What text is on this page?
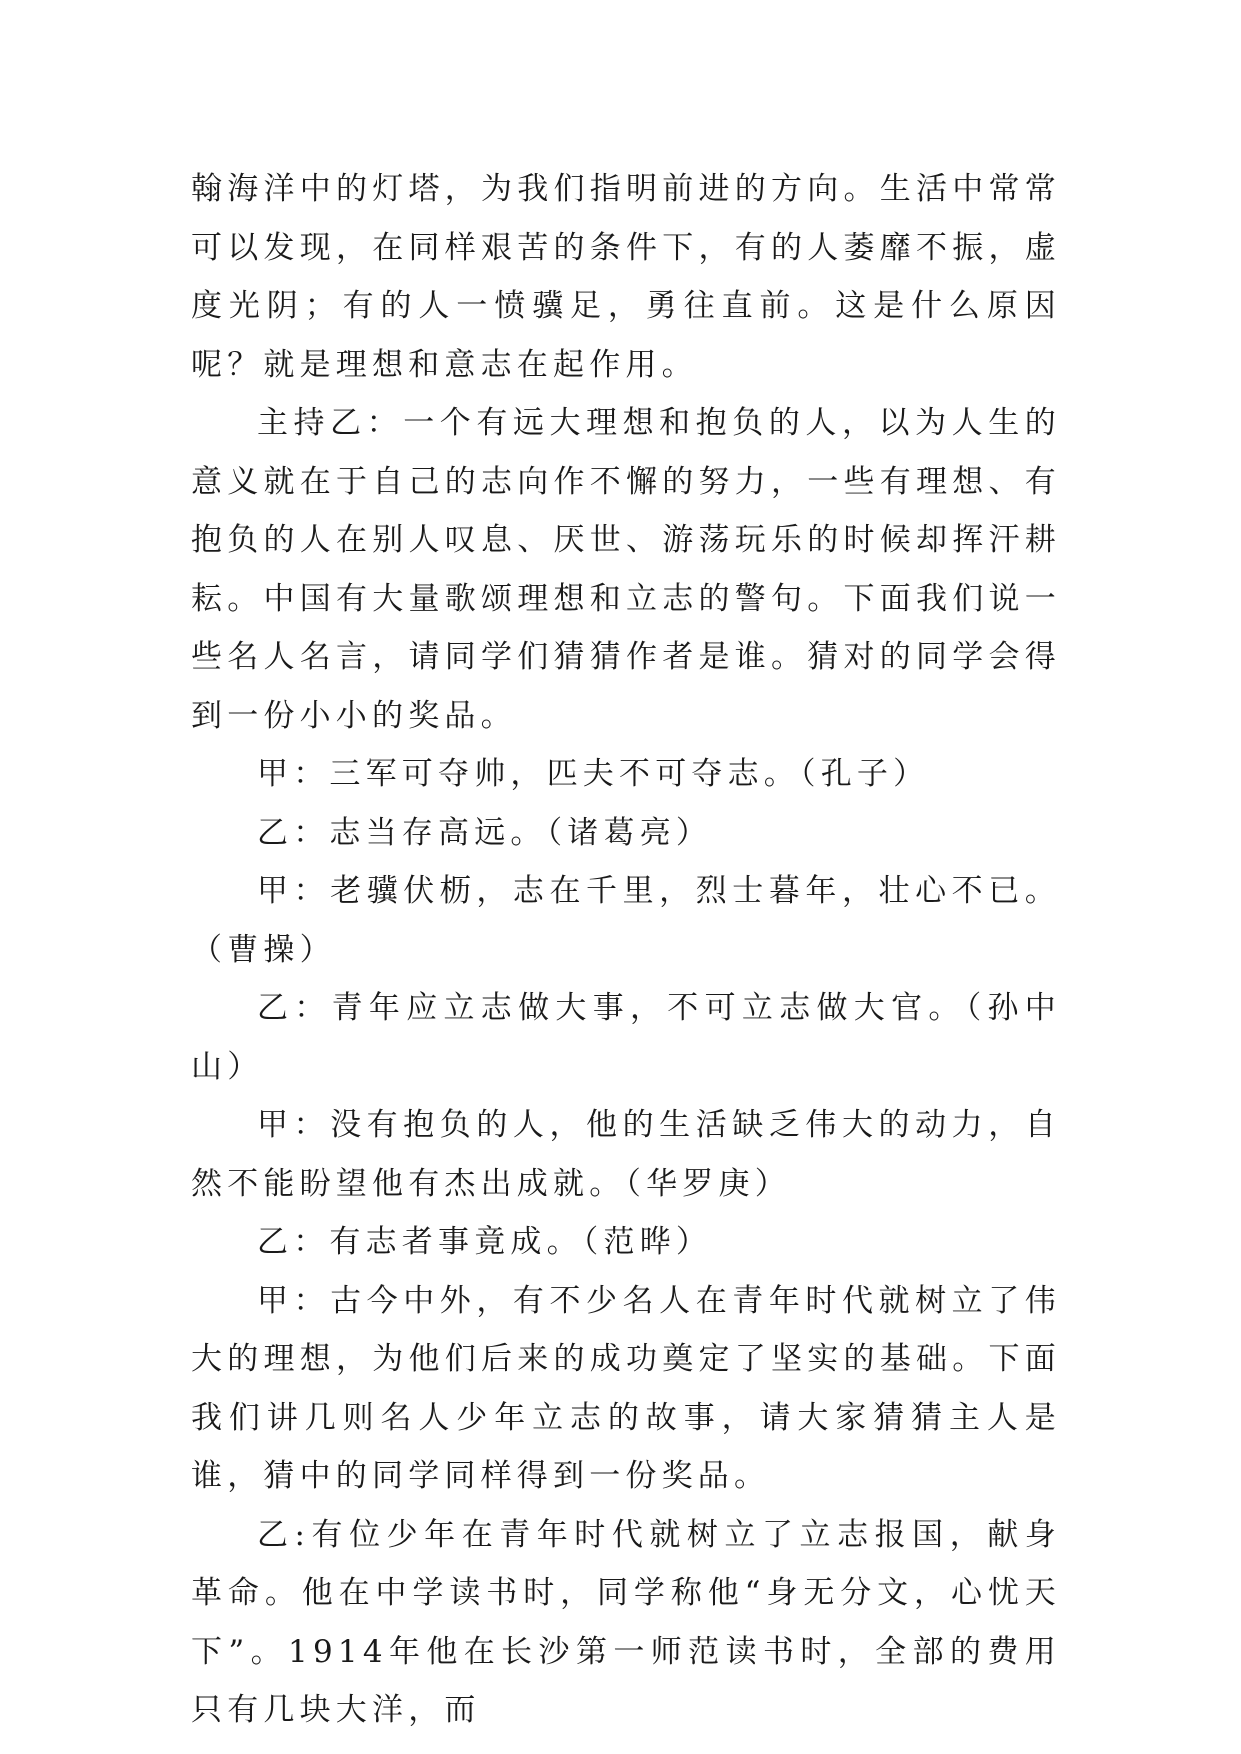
翰海洋中的灯塔，为我们指明前进的方向。生活中常常可以发现，在同样艰苦的条件下，有的人萎靡不振，虚度光阴；有的人一愤骥足，勇往直前。这是什么原因呢？就是理想和意志在起作用。

主持乙：一个有远大理想和抱负的人，以为人生的意义就在于自己的志向作不懈的努力，一些有理想、有抱负的人在别人叹息、厌世、游荡玩乐的时候却挥汗耕耘。中国有大量歌颂理想和立志的警句。下面我们说一些名人名言，请同学们猜猜作者是谁。猜对的同学会得到一份小小的奖品。

甲：三军可夺帅，匹夫不可夺志。（孔子）

乙：志当存高远。（诸葛亮）

甲：老骥伏枥，志在千里，烈士暮年，壮心不已。（曹操）

乙：青年应立志做大事，不可立志做大官。（孙中山）

甲：没有抱负的人，他的生活缺乏伟大的动力，自然不能盼望他有杰出成就。（华罗庚）

乙：有志者事竟成。（范晔）

甲：古今中外，有不少名人在青年时代就树立了伟大的理想，为他们后来的成功奠定了坚实的基础。下面我们讲几则名人少年立志的故事，请大家猜猜主人是谁，猜中的同学同样得到一份奖品。

乙:有位少年在青年时代就树立了立志报国，献身革命。他在中学读书时，同学称他“身无分文，心忧天下”。1914年他在长沙第一师范读书时，全部的费用只有几块大洋，而
